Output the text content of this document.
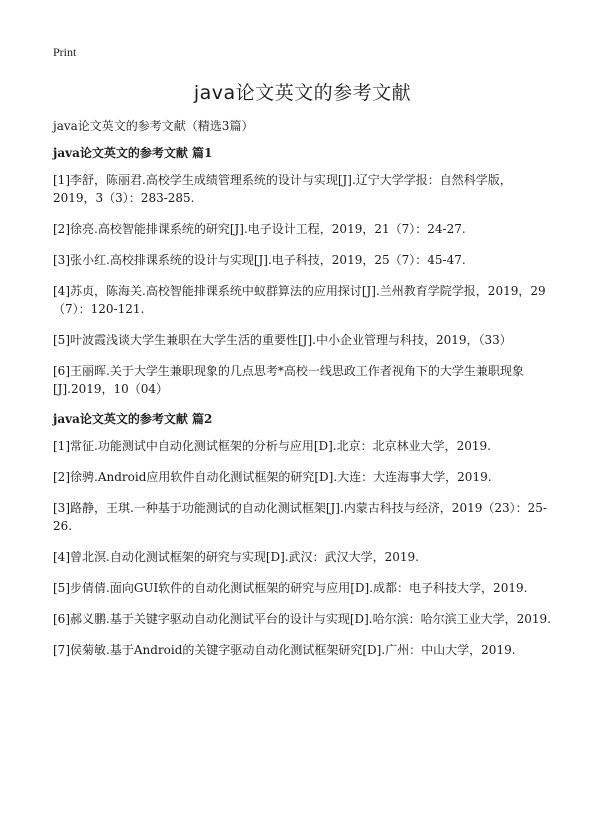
Print
java论文英文的参考文献
java论文英文的参考文献（精选3篇）
java论文英文的参考文献 篇1
[1]李舒，陈丽君.高校学生成绩管理系统的设计与实现[J].辽宁大学学报：自然科学版，2019，3（3）：283-285.
[2]徐亮.高校智能排课系统的研究[J].电子设计工程，2019，21（7）：24-27.
[3]张小红.高校排课系统的设计与实现[J].电子科技，2019，25（7）：45-47.
[4]苏贞，陈海关.高校智能排课系统中蚁群算法的应用探讨[J].兰州教育学院学报，2019，29（7）：120-121.
[5]叶波霞浅谈大学生兼职在大学生活的重要性[J].中小企业管理与科技，2019，（33）
[6]王丽晖.关于大学生兼职现象的几点思考*高校一线思政工作者视角下的大学生兼职现象[J].2019，10（04）
java论文英文的参考文献 篇2
[1]常征.功能测试中自动化测试框架的分析与应用[D].北京：北京林业大学，2019.
[2]徐骋.Android应用软件自动化测试框架的研究[D].大连：大连海事大学，2019.
[3]路静，王琪.一种基于功能测试的自动化测试框架[J].内蒙古科技与经济，2019（23）：25-26.
[4]曾北溟.自动化测试框架的研究与实现[D].武汉：武汉大学，2019.
[5]步倩倩.面向GUI软件的自动化测试框架的研究与应用[D].成都：电子科技大学，2019.
[6]郝义鹏.基于关键字驱动自动化测试平台的设计与实现[D].哈尔滨：哈尔滨工业大学，2019.
[7]侯菊敏.基于Android的关键字驱动自动化测试框架研究[D].广州：中山大学，2019.
